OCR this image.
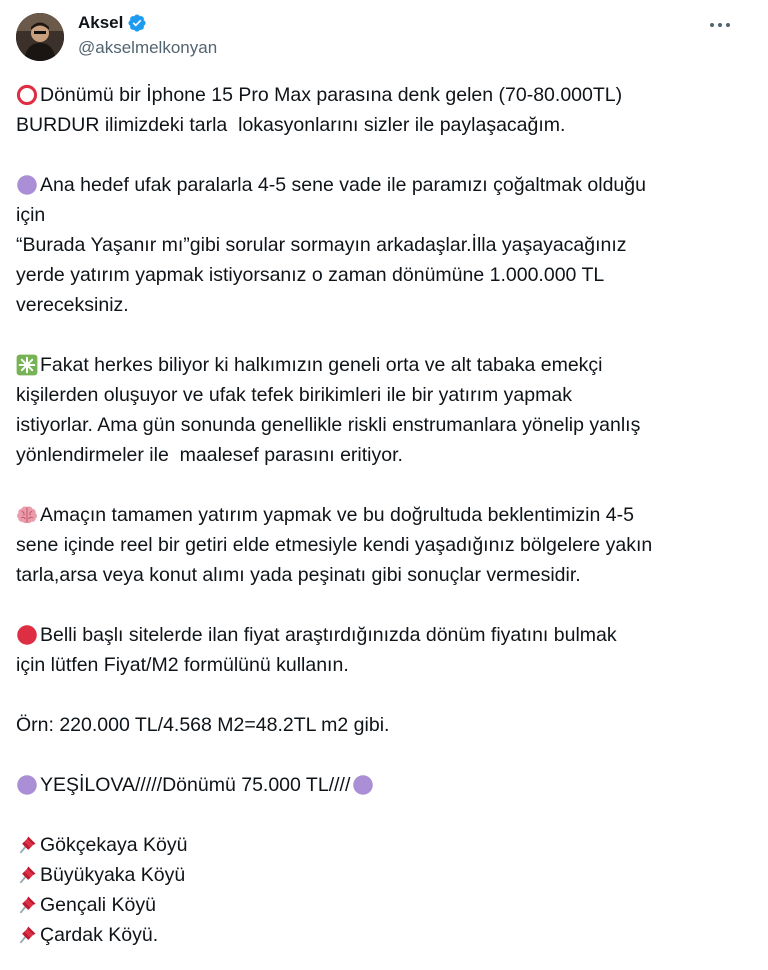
Aksel
@akselmelkonyan
Dönümü bir İphone 15 Pro Max parasına denk gelen (70-80.000TL)
BURDUR ilimizdeki tarla  lokasyonlarını sizler ile paylaşacağım.
Ana hedef ufak paralarla 4-5 sene vade ile paramızı çoğaltmak olduğu
için
“Burada Yaşanır mı”gibi sorular sormayın arkadaşlar.İlla yaşayacağınız
yerde yatırım yapmak istiyorsanız o zaman dönümüne 1.000.000 TL
vereceksiniz.
Fakat herkes biliyor ki halkımızın geneli orta ve alt tabaka emekçi
kişilerden oluşuyor ve ufak tefek birikimleri ile bir yatırım yapmak
istiyorlar. Ama gün sonunda genellikle riskli enstrumanlara yönelip yanlış
yönlendirmeler ile  maalesef parasını eritiyor.
Amaçın tamamen yatırım yapmak ve bu doğrultuda beklentimizin 4-5
sene içinde reel bir getiri elde etmesiyle kendi yaşadığınız bölgelere yakın
tarla,arsa veya konut alımı yada peşinatı gibi sonuçlar vermesidir.
Belli başlı sitelerde ilan fiyat araştırdığınızda dönüm fiyatını bulmak
için lütfen Fiyat/M2 formülünü kullanın.
Örn: 220.000 TL/4.568 M2=48.2TL m2 gibi.
YEŞİLOVA/////Dönümü 75.000 TL////
Gökçekaya Köyü
Büyükyaka Köyü
Gençali Köyü
Çardak Köyü.
